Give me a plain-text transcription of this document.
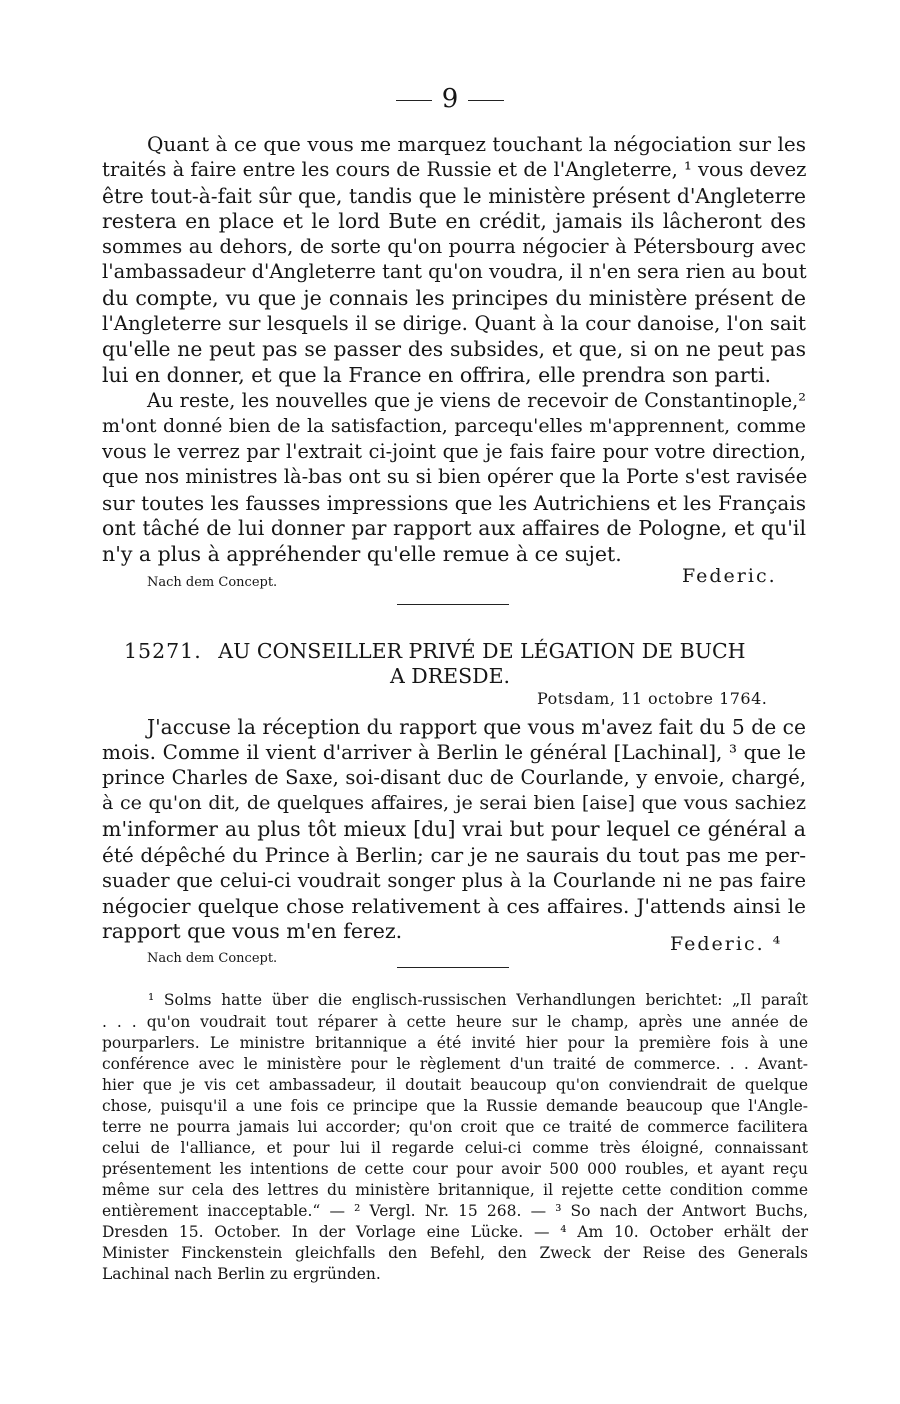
9
Quant à ce que vous me marquez touchant la négociation sur les
traités à faire entre les cours de Russie et de l'Angleterre, ¹ vous devez
être tout-à-fait sûr que, tandis que le ministère présent d'Angleterre
restera en place et le lord Bute en crédit, jamais ils lâcheront des
sommes au dehors, de sorte qu'on pourra négocier à Pétersbourg avec
l'ambassadeur d'Angleterre tant qu'on voudra, il n'en sera rien au bout
du compte, vu que je connais les principes du ministère présent de
l'Angleterre sur lesquels il se dirige. Quant à la cour danoise, l'on sait
qu'elle ne peut pas se passer des subsides, et que, si on ne peut pas
lui en donner, et que la France en offrira, elle prendra son parti.
Au reste, les nouvelles que je viens de recevoir de Constantinople,²
m'ont donné bien de la satisfaction, parcequ'elles m'apprennent, comme
vous le verrez par l'extrait ci-joint que je fais faire pour votre direction,
que nos ministres là-bas ont su si bien opérer que la Porte s'est ravisée
sur toutes les fausses impressions que les Autrichiens et les Français
ont tâché de lui donner par rapport aux affaires de Pologne, et qu'il
n'y a plus à appréhender qu'elle remue à ce sujet.
Nach dem Concept.	Federic.
15271. AU CONSEILLER PRIVÉ DE LÉGATION DE BUCH
A DRESDE.
Potsdam, 11 octobre 1764.
J'accuse la réception du rapport que vous m'avez fait du 5 de ce
mois. Comme il vient d'arriver à Berlin le général [Lachinal], ³ que le
prince Charles de Saxe, soi-disant duc de Courlande, y envoie, chargé,
à ce qu'on dit, de quelques affaires, je serai bien [aise] que vous sachiez
m'informer au plus tôt mieux [du] vrai but pour lequel ce général a
été dépêché du Prince à Berlin; car je ne saurais du tout pas me per-
suader que celui-ci voudrait songer plus à la Courlande ni ne pas faire
négocier quelque chose relativement à ces affaires. J'attends ainsi le
rapport que vous m'en ferez.
Nach dem Concept.
Federic. ⁴
¹ Solms hatte über die englisch-russischen Verhandlungen berichtet: „Il paraît
. . . qu'on voudrait tout réparer à cette heure sur le champ, après une année de
pourparlers. Le ministre britannique a été invité hier pour la première fois à une
conférence avec le ministère pour le règlement d'un traité de commerce. . . Avant-
hier que je vis cet ambassadeur, il doutait beaucoup qu'on conviendrait de quelque
chose, puisqu'il a une fois ce principe que la Russie demande beaucoup que l'Angle-
terre ne pourra jamais lui accorder; qu'on croit que ce traité de commerce facilitera
celui de l'alliance, et pour lui il regarde celui-ci comme très éloigné, connaissant
présentement les intentions de cette cour pour avoir 500 000 roubles, et ayant reçu
même sur cela des lettres du ministère britannique, il rejette cette condition comme
entièrement inacceptable.“ — ² Vergl. Nr. 15 268. — ³ So nach der Antwort Buchs,
Dresden 15. October. In der Vorlage eine Lücke. — ⁴ Am 10. October erhält der
Minister Finckenstein gleichfalls den Befehl, den Zweck der Reise des Generals
Lachinal nach Berlin zu ergründen.
